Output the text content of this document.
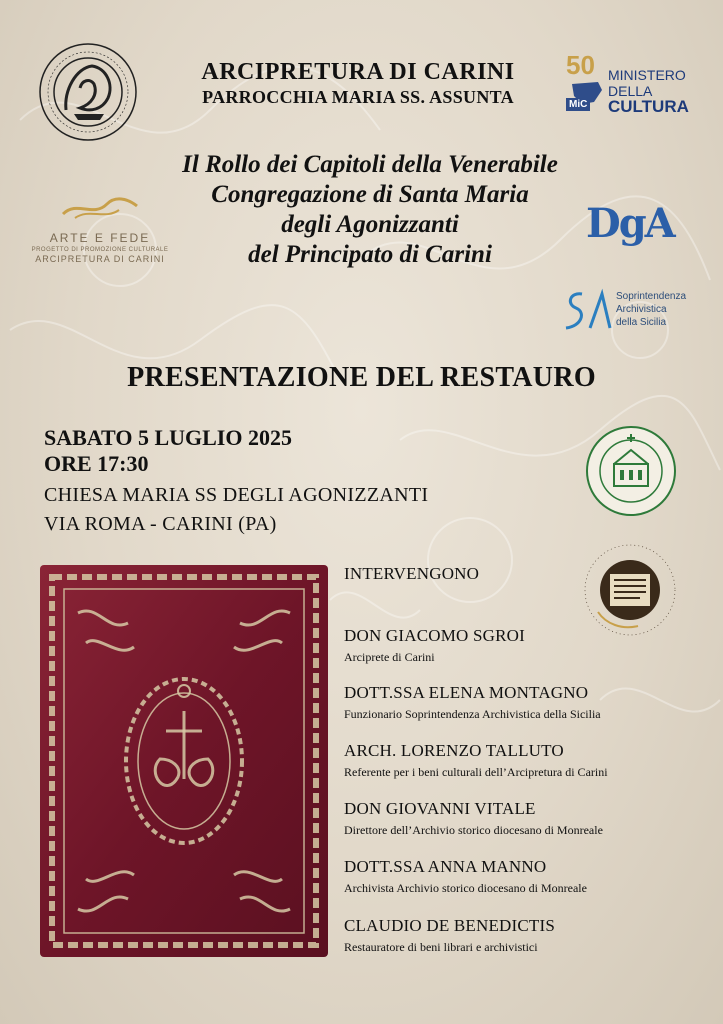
ARCIPRETURA DI CARINI
PARROCCHIA MARIA SS. ASSUNTA
50
MiC
MINISTERO
DELLA
CULTURA
Il Rollo dei Capitoli della Venerabile
Congregazione di Santa Maria
degli Agonizzanti
del Principato di Carini
ARTE E FEDE
PROGETTO DI PROMOZIONE CULTURALE
ARCIPRETURA DI CARINI
DgA
Soprintendenza
Archivistica
della Sicilia
PRESENTAZIONE DEL RESTAURO
SABATO 5 LUGLIO 2025
ORE 17:30
CHIESA MARIA SS DEGLI AGONIZZANTI
VIA ROMA - CARINI (PA)
INTERVENGONO
DON GIACOMO SGROI
Arciprete di Carini
DOTT.SSA ELENA MONTAGNO
Funzionario Soprintendenza Archivistica della Sicilia
ARCH. LORENZO TALLUTO
Referente per i beni culturali dell’Arcipretura di Carini
DON GIOVANNI VITALE
Direttore dell’Archivio storico diocesano di Monreale
DOTT.SSA ANNA MANNO
Archivista Archivio storico diocesano di Monreale
CLAUDIO DE BENEDICTIS
Restauratore di beni librari e archivistici
